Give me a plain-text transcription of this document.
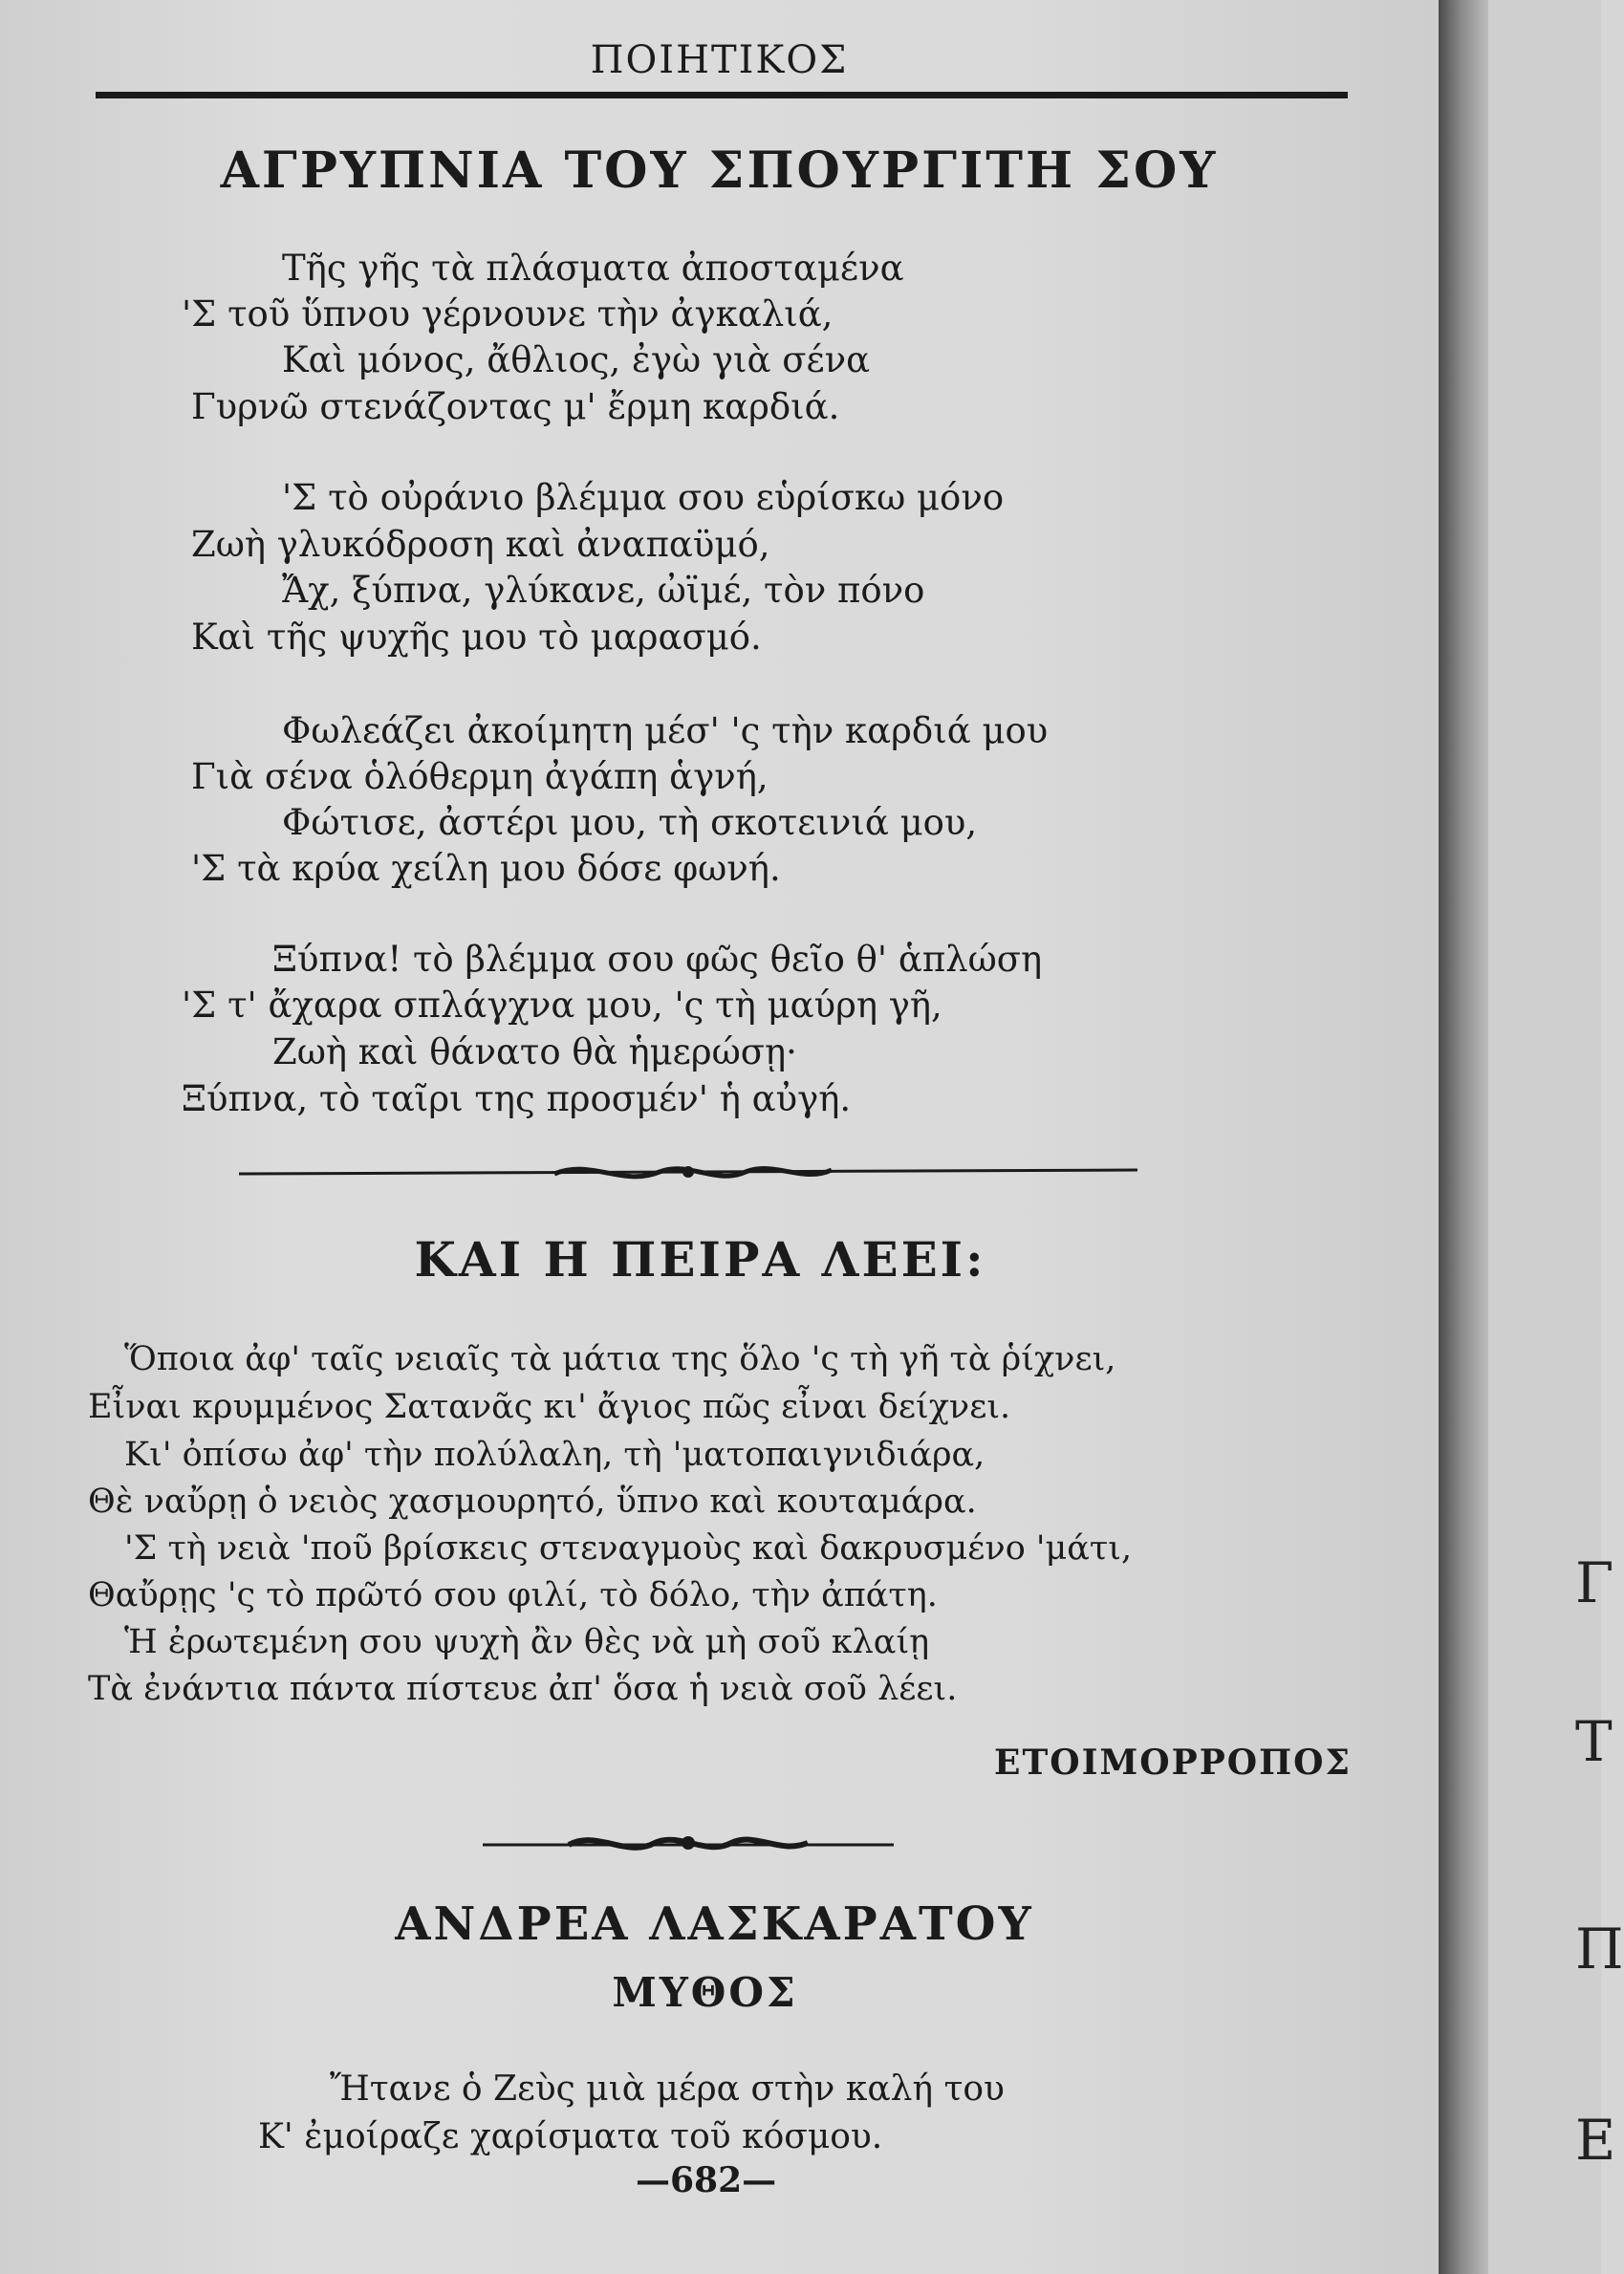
ΠΟΙΗΤΙΚΟΣ
ΑΓΡΥΠΝΙΑ ΤΟΥ ΣΠΟΥΡΓΙΤΗ ΣΟΥ
Τῆς γῆς τὰ πλάσματα ἀποσταμένα
'Σ τοῦ ὕπνου γέρνουνε τὴν ἀγκαλιά,
Καὶ μόνος, ἄθλιος, ἐγὼ γιὰ σένα
Γυρνῶ στενάζοντας μ' ἔρμη καρδιά.
'Σ τὸ οὐράνιο βλέμμα σου εὑρίσκω μόνο
Ζωὴ γλυκόδροση καὶ ἀναπαϋμό,
Ἄχ, ξύπνα, γλύκανε, ὠϊμέ, τὸν πόνο
Καὶ τῆς ψυχῆς μου τὸ μαρασμό.
Φωλεάζει ἀκοίμητη μέσ' 'ς τὴν καρδιά μου
Γιὰ σένα ὁλόθερμη ἀγάπη ἁγνή,
Φώτισε, ἀστέρι μου, τὴ σκοτεινιά μου,
'Σ τὰ κρύα χείλη μου δόσε φωνή.
Ξύπνα! τὸ βλέμμα σου φῶς θεῖο θ' ἁπλώση
'Σ τ' ἄχαρα σπλάγχνα μου, 'ς τὴ μαύρη γῆ,
Ζωὴ καὶ θάνατο θὰ ἡμερώσῃ·
Ξύπνα, τὸ ταῖρι της προσμέν' ἡ αὐγή.
ΚΑΙ Η ΠΕΙΡΑ ΛΕΕΙ:
Ὅποια ἀφ' ταῖς νειαῖς τὰ μάτια της ὅλο 'ς τὴ γῆ τὰ ῥίχνει,
Εἶναι κρυμμένος Σατανᾶς κι' ἄγιος πῶς εἶναι δείχνει.
Κι' ὀπίσω ἀφ' τὴν πολύλαλη, τὴ 'ματοπαιγνιδιάρα,
Θὲ ναὔρῃ ὁ νειὸς χασμουρητό, ὕπνο καὶ κουταμάρα.
'Σ τὴ νειὰ 'ποῦ βρίσκεις στεναγμοὺς καὶ δακρυσμένο 'μάτι,
Θαὔρῃς 'ς τὸ πρῶτό σου φιλί, τὸ δόλο, τὴν ἀπάτη.
Ἡ ἐρωτεμένη σου ψυχὴ ἂν θὲς νὰ μὴ σοῦ κλαίῃ
Τὰ ἐνάντια πάντα πίστευε ἀπ' ὅσα ἡ νειὰ σοῦ λέει.
ΕΤΟΙΜΟΡΡΟΠΟΣ
ΑΝΔΡΕΑ ΛΑΣΚΑΡΑΤΟΥ
ΜΥΘΟΣ
Ἤτανε ὁ Ζεὺς μιὰ μέρα στὴν καλή του
Κ' ἐμοίραζε χαρίσματα τοῦ κόσμου.
—682—
Γ
Τ
Π
Ε
